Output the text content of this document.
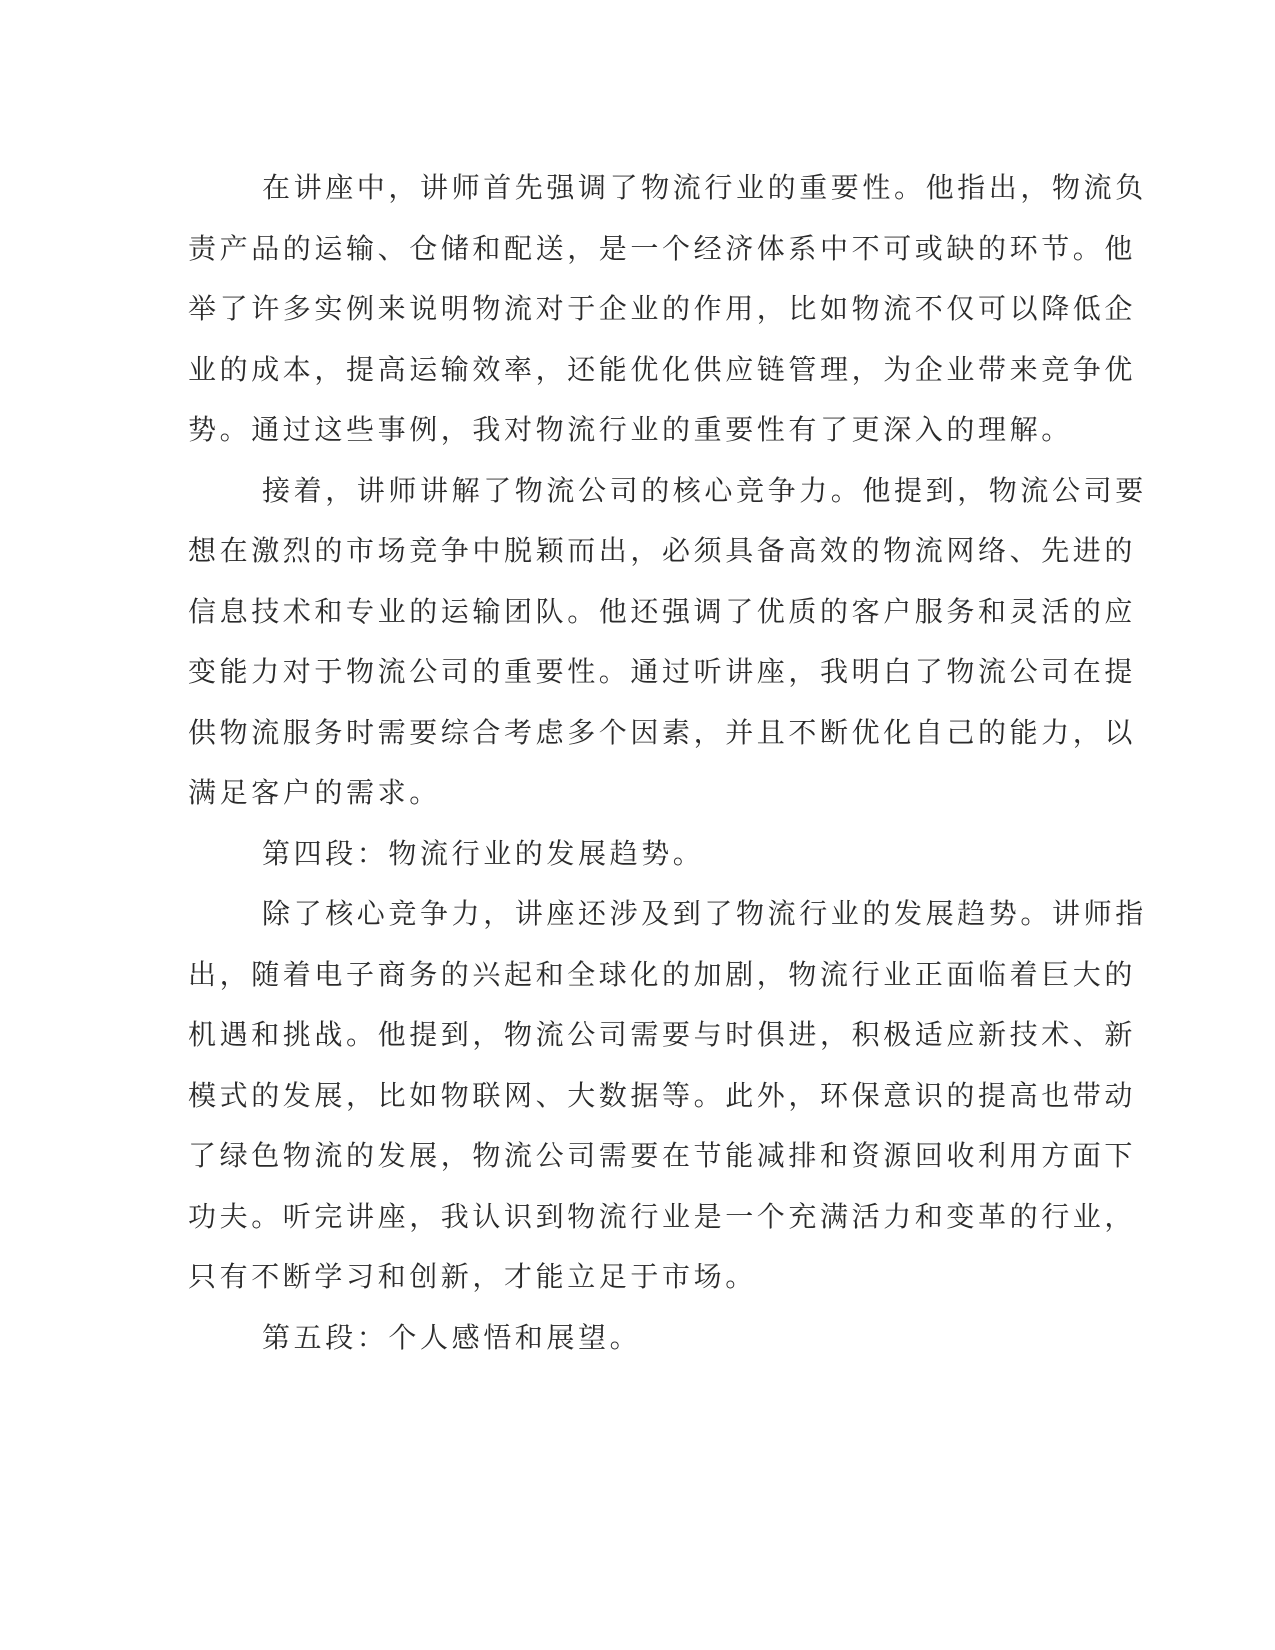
在讲座中，讲师首先强调了物流行业的重要性。他指出，物流负
责产品的运输、仓储和配送，是一个经济体系中不可或缺的环节。他
举了许多实例来说明物流对于企业的作用，比如物流不仅可以降低企
业的成本，提高运输效率，还能优化供应链管理，为企业带来竞争优
势。通过这些事例，我对物流行业的重要性有了更深入的理解。

接着，讲师讲解了物流公司的核心竞争力。他提到，物流公司要
想在激烈的市场竞争中脱颖而出，必须具备高效的物流网络、先进的
信息技术和专业的运输团队。他还强调了优质的客户服务和灵活的应
变能力对于物流公司的重要性。通过听讲座，我明白了物流公司在提
供物流服务时需要综合考虑多个因素，并且不断优化自己的能力，以
满足客户的需求。

第四段：物流行业的发展趋势。

除了核心竞争力，讲座还涉及到了物流行业的发展趋势。讲师指
出，随着电子商务的兴起和全球化的加剧，物流行业正面临着巨大的
机遇和挑战。他提到，物流公司需要与时俱进，积极适应新技术、新
模式的发展，比如物联网、大数据等。此外，环保意识的提高也带动
了绿色物流的发展，物流公司需要在节能减排和资源回收利用方面下
功夫。听完讲座，我认识到物流行业是一个充满活力和变革的行业，
只有不断学习和创新，才能立足于市场。

第五段：个人感悟和展望。
